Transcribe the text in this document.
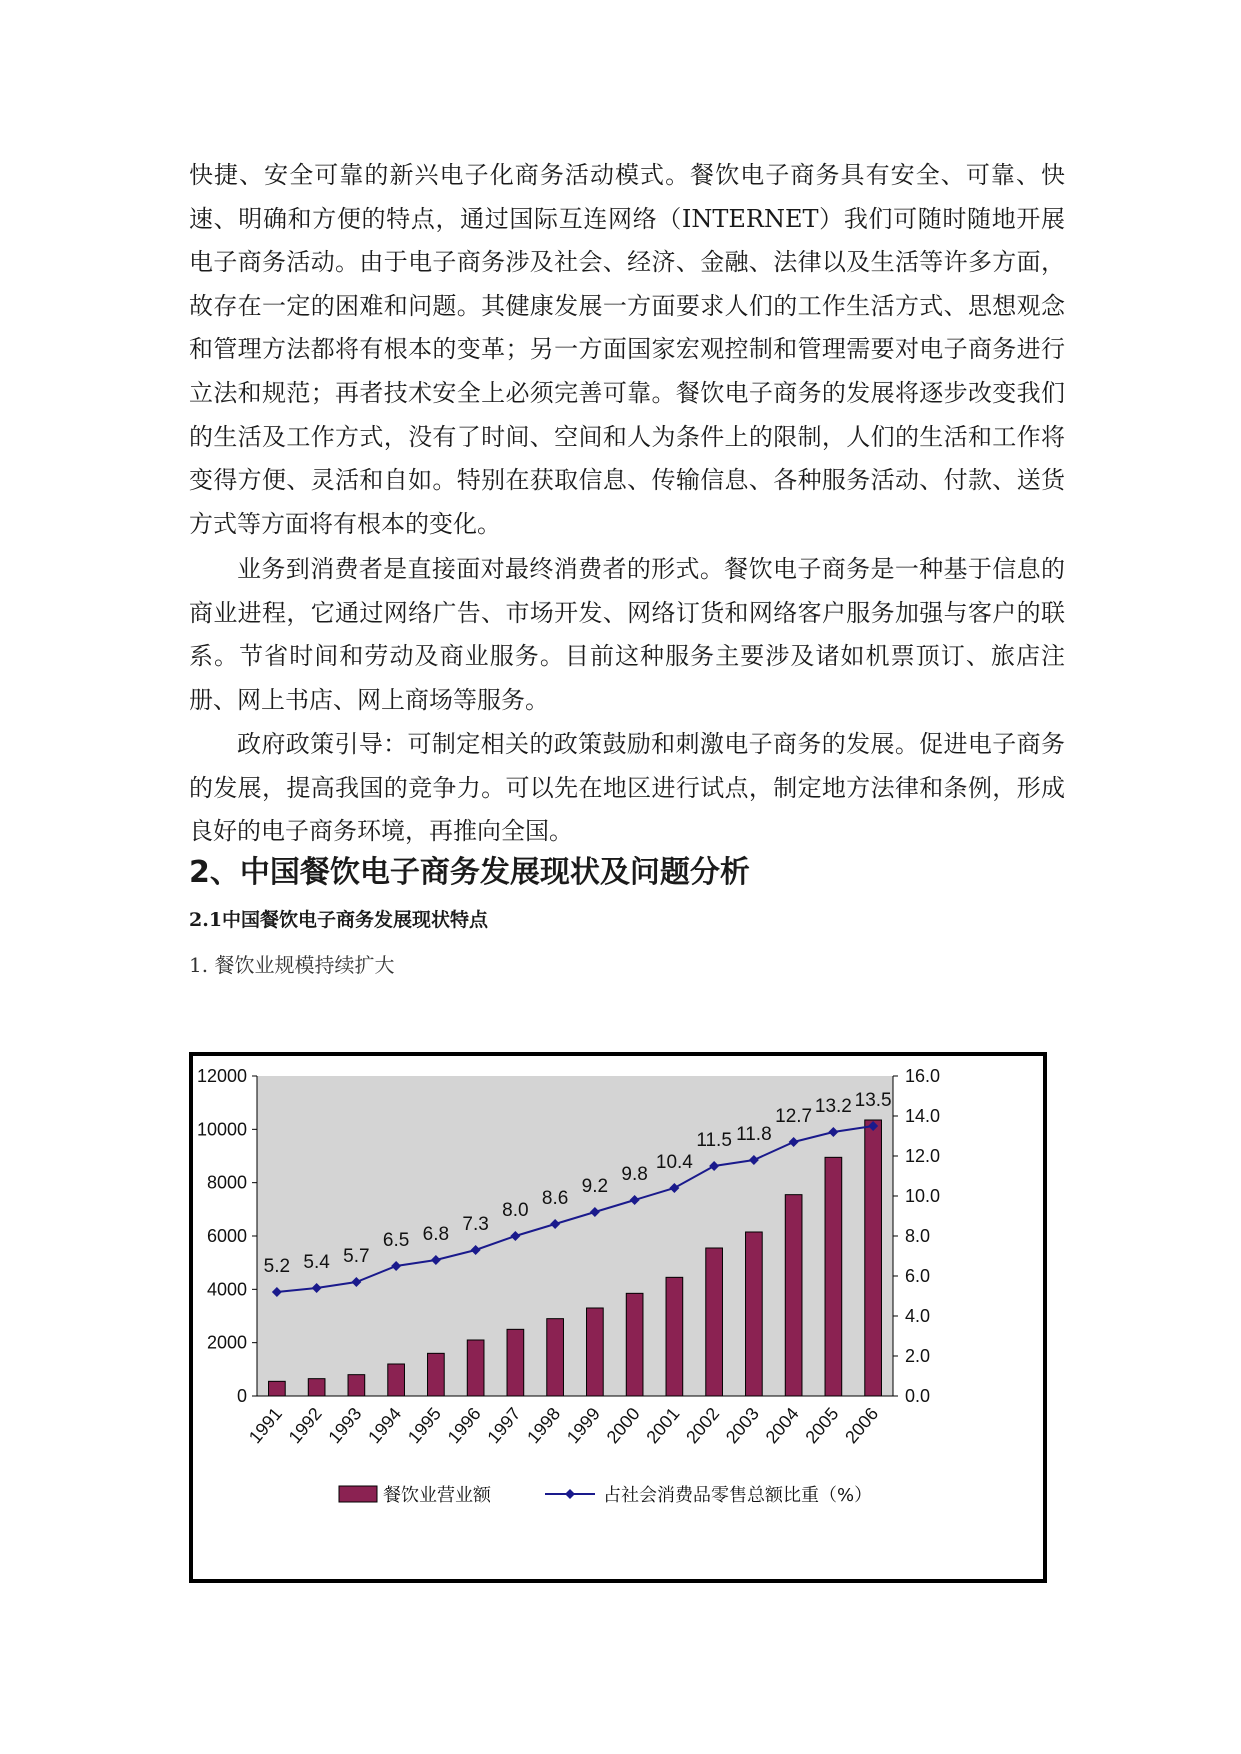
快捷、安全可靠的新兴电子化商务活动模式。餐饮电子商务具有安全、可靠、快速、明确和方便的特点，通过国际互连网络（INTERNET）我们可随时随地开展电子商务活动。由于电子商务涉及社会、经济、金融、法律以及生活等许多方面，故存在一定的困难和问题。其健康发展一方面要求人们的工作生活方式、思想观念和管理方法都将有根本的变革；另一方面国家宏观控制和管理需要对电子商务进行立法和规范；再者技术安全上必须完善可靠。餐饮电子商务的发展将逐步改变我们的生活及工作方式，没有了时间、空间和人为条件上的限制，人们的生活和工作将变得方便、灵活和自如。特别在获取信息、传输信息、各种服务活动、付款、送货方式等方面将有根本的变化。

业务到消费者是直接面对最终消费者的形式。餐饮电子商务是一种基于信息的商业进程，它通过网络广告、市场开发、网络订货和网络客户服务加强与客户的联系。节省时间和劳动及商业服务。目前这种服务主要涉及诸如机票顶订、旅店注册、网上书店、网上商场等服务。

政府政策引导：可制定相关的政策鼓励和刺激电子商务的发展。促进电子商务的发展，提高我国的竞争力。可以先在地区进行试点，制定地方法律和条例，形成良好的电子商务环境，再推向全国。

2、中国餐饮电子商务发展现状及问题分析
2.1中国餐饮电子商务发展现状特点

1. 餐饮业规模持续扩大

0
2000
4000
6000
8000
10000
12000
0.0
2.0
4.0
6.0
8.0
10.0
12.0
14.0
16.0
5.2 5.4 5.7
6.5 6.8 7.3
8.0
8.6
9.2
9.8
10.4
11.5 11.8
12.7 13.2 13.5
1991
1992
1993
1994
1995
1996
1997
1998
1999
2000
2001
2002
2003
2004
2005
2006
餐饮业营业额	占社会消费品零售总额比重（%）
